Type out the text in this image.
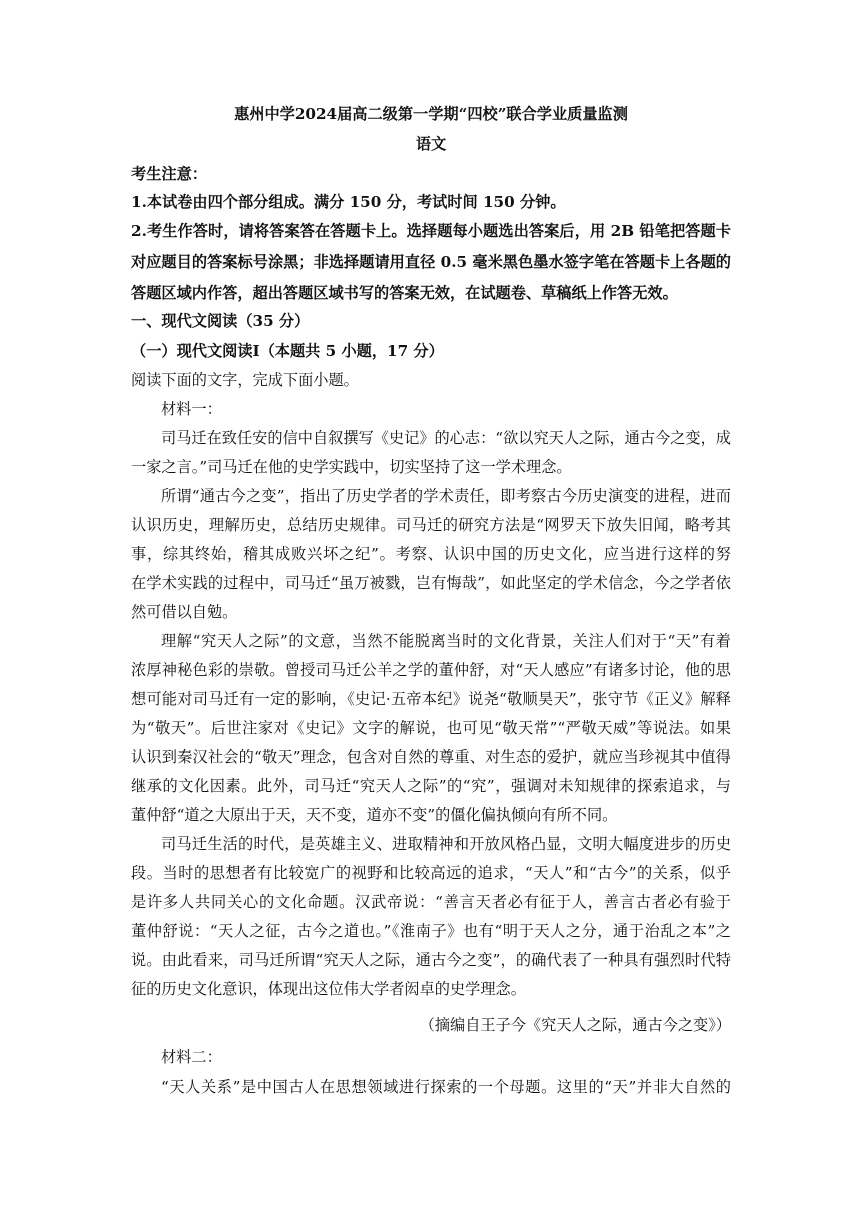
惠州中学2024届高二级第一学期“四校”联合学业质量监测
语文
考生注意：
1.本试卷由四个部分组成。满分 150 分，考试时间 150 分钟。
2.考生作答时，请将答案答在答题卡上。选择题每小题选出答案后，用 2B 铅笔把答题卡
对应题目的答案标号涂黑；非选择题请用直径 0.5 毫米黑色墨水签字笔在答题卡上各题的
答题区域内作答，超出答题区域书写的答案无效，在试题卷、草稿纸上作答无效。
一、现代文阅读（35 分）
（一）现代文阅读Ⅰ（本题共 5 小题，17 分）
阅读下面的文字，完成下面小题。
材料一：
司马迁在致任安的信中自叙撰写《史记》的心志：“欲以究天人之际，通古今之变，成
一家之言。”司马迁在他的史学实践中，切实坚持了这一学术理念。
所谓“通古今之变”，指出了历史学者的学术责任，即考察古今历史演变的进程，进而
认识历史，理解历史，总结历史规律。司马迁的研究方法是“网罗天下放失旧闻，略考其
事，综其终始，稽其成败兴坏之纪”。考察、认识中国的历史文化，应当进行这样的努
在学术实践的过程中，司马迁“虽万被戮，岂有悔哉”，如此坚定的学术信念，今之学者依
然可借以自勉。
理解“究天人之际”的文意，当然不能脱离当时的文化背景，关注人们对于“天”有着
浓厚神秘色彩的崇敬。曾授司马迁公羊之学的董仲舒，对“天人感应”有诸多讨论，他的思
想可能对司马迁有一定的影响，《史记·五帝本纪》说尧“敬顺昊天”，张守节《正义》解释
为“敬天”。后世注家对《史记》文字的解说，也可见“敬天常”“严敬天威”等说法。如果
认识到秦汉社会的“敬天”理念，包含对自然的尊重、对生态的爱护，就应当珍视其中值得
继承的文化因素。此外，司马迁“究天人之际”的“究”，强调对未知规律的探索追求，与
董仲舒“道之大原出于天，天不变，道亦不变”的僵化偏执倾向有所不同。
司马迁生活的时代，是英雄主义、进取精神和开放风格凸显，文明大幅度进步的历史
段。当时的思想者有比较宽广的视野和比较高远的追求，“天人”和“古今”的关系，似乎
是许多人共同关心的文化命题。汉武帝说：“善言天者必有征于人，善言古者必有验于
董仲舒说：“天人之征，古今之道也。”《淮南子》也有“明于天人之分，通于治乱之本”之
说。由此看来，司马迁所谓“究天人之际，通古今之变”，的确代表了一种具有强烈时代特
征的历史文化意识，体现出这位伟大学者闳卓的史学理念。
（摘编自王子今《究天人之际，通古今之变》）
材料二：
“天人关系”是中国古人在思想领域进行探索的一个母题。这里的“天”并非大自然的
